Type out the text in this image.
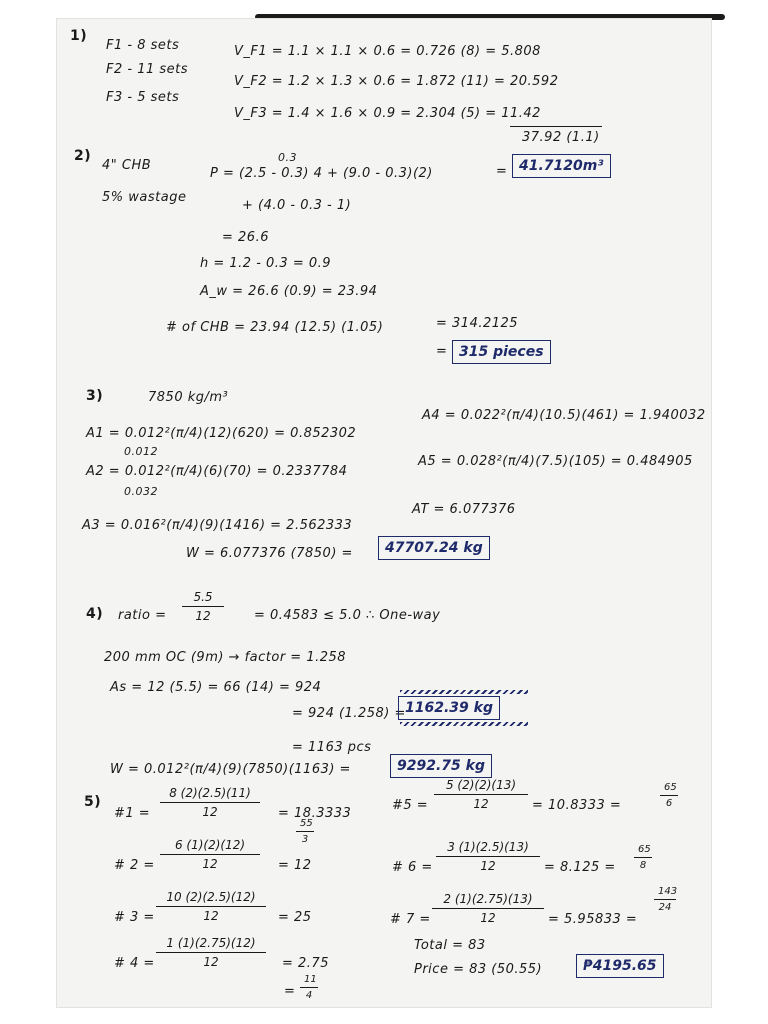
1)
F1 - 8 sets
F2 - 11 sets
F3 - 5 sets
V_F1 = 1.1 × 1.1 × 0.6 = 0.726 (8) = 5.808
V_F2 = 1.2 × 1.3 × 0.6 = 1.872 (11) = 20.592
V_F3 = 1.4 × 1.6 × 0.9 = 2.304 (5) = 11.42
37.92 (1.1)
2)
4" CHB
5% wastage
0.3
P = (2.5 - 0.3) 4 + (9.0 - 0.3)(2)
+ (4.0 - 0.3 - 1)
= 26.6
h = 1.2 - 0.3 = 0.9
A_w = 26.6 (0.9) = 23.94
# of CHB = 23.94 (12.5) (1.05)	= 314.2125
= 41.7120m³
= 315 pieces
3)	7850 kg/m³
A1 = 0.012²(π/4)(12)(620) = 0.852302
0.012
A2 = 0.012²(π/4)(6)(70) = 0.2337784
0.032
A3 = 0.016²(π/4)(9)(1416) = 2.562333
A4 = 0.022²(π/4)(10.5)(461) = 1.940032
A5 = 0.028²(π/4)(7.5)(105) = 0.484905
AT = 6.077376
W = 6.077376 (7850) =	47707.24 kg
4) ratio = $\frac{5.5}{12} = 0.4583 \le 5.0$ ∴ One-way
200 mm OC (9m) → factor = 1.258
As = 12 (5.5) = 66 (14) = 924
= 924 (1.258) = 1162.39 kg
= 1163 pcs
W = 0.012²(π/4)(9)(7850)(1163) =	9292.75 kg
5)
#1 = $\frac{8 (2)(2.5)(11)}{12} = 18.3333$
$\frac{55}{3}$
# $2 = \frac{6 (1)(2)(12)}{12} = 12$
# $3 = \frac{10 (2)(2.5)(12)}{12} = 25$
# $4 = \frac{1 (1)(2.75)(12)}{12} = 2.75$
= $\frac{11}{4}$
#5 = $\frac{5 (2)(2)(13)}{12} = 10.8333$ =	$\frac{65}{6}$
# $6 = \frac{3 (1)(2.5)(13)}{12} = 8.125 = \frac{65}{8}$
# $7 = \frac{2 (1)(2.75)(13)}{12} = 5.95833$ =
$\frac{143}{24}$
Total = 83
Price = 83 (50.55)	₱4195.65
